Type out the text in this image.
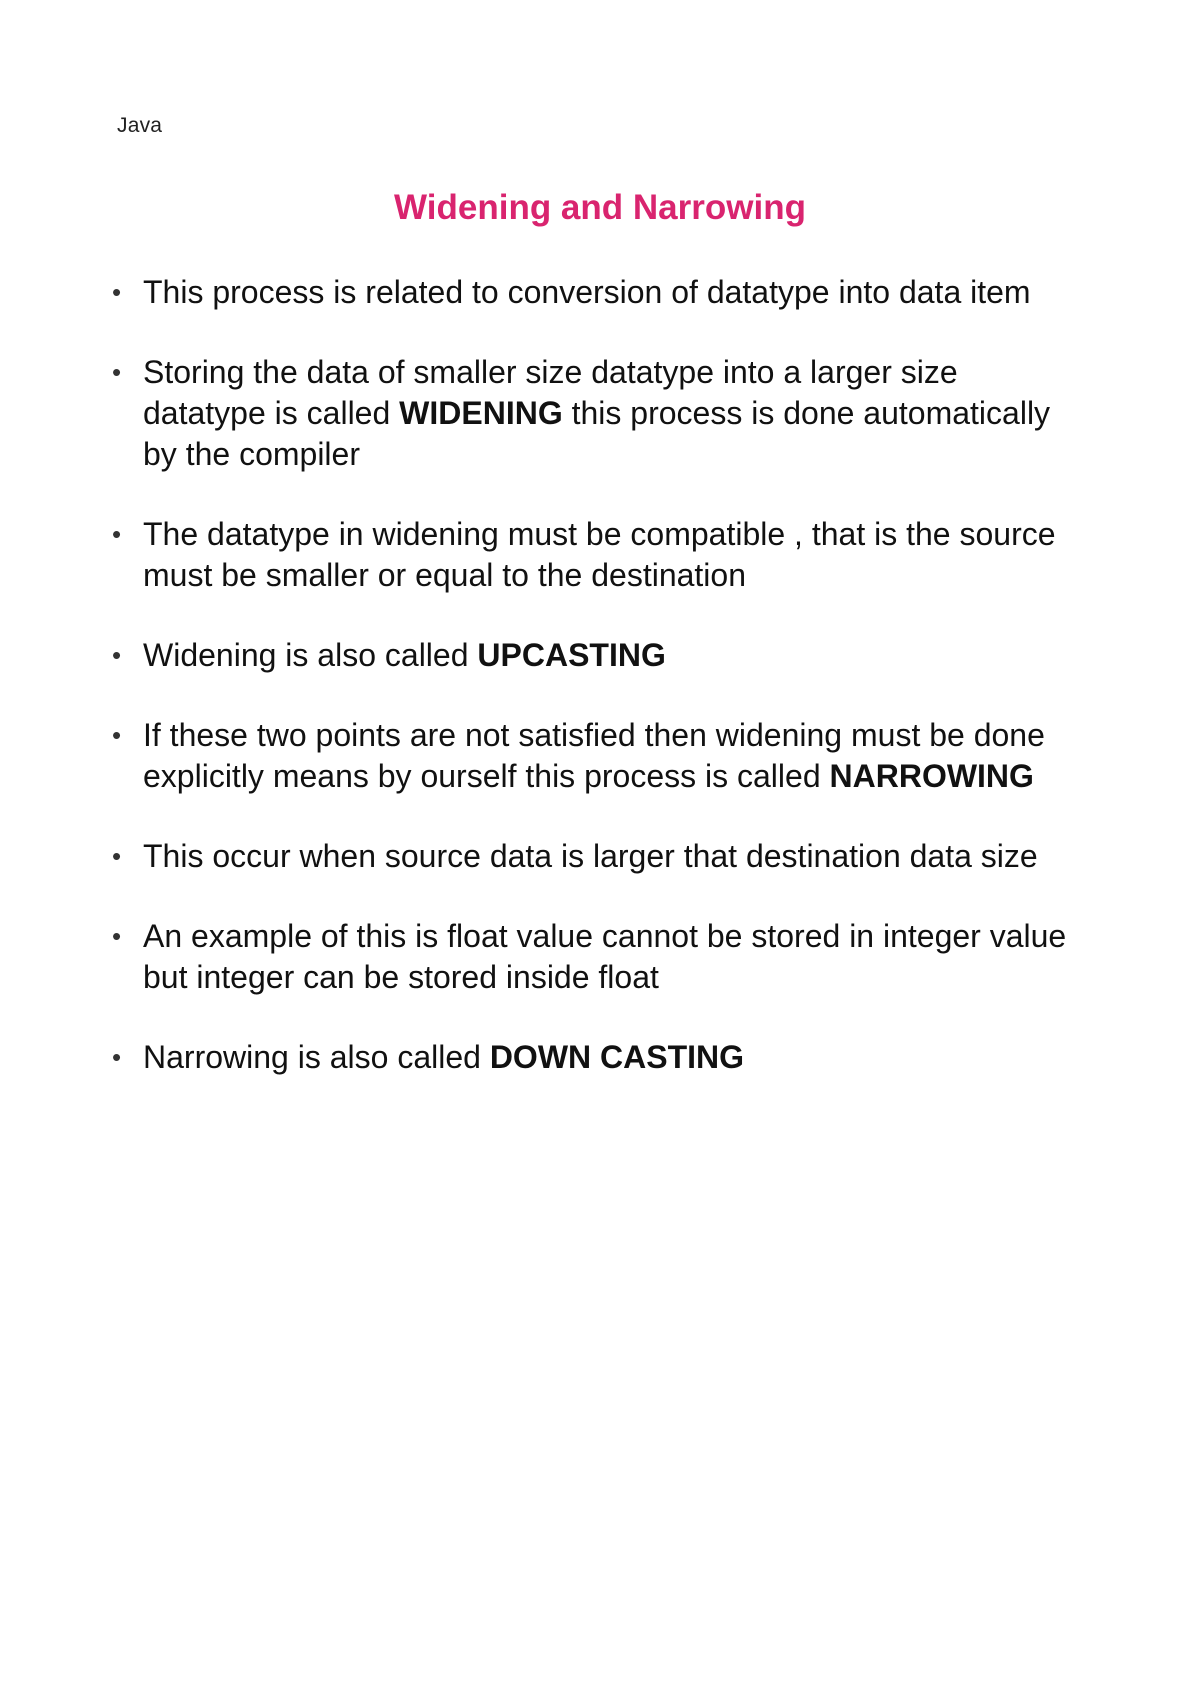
Java
Widening and Narrowing
• This process is related to conversion of datatype into data item
• Storing the data of smaller size datatype into a larger size datatype is called WIDENING this process is done automatically by the compiler
• The datatype in widening must be compatible , that is the source must be smaller or equal to the destination
• Widening is also called UPCASTING
• If these two points are not satisfied then widening must be done explicitly means by ourself this process is called NARROWING
• This occur when source data is larger that destination data size
• An example of this is float value cannot be stored in integer value but integer can be stored inside float
• Narrowing is also called DOWN CASTING
